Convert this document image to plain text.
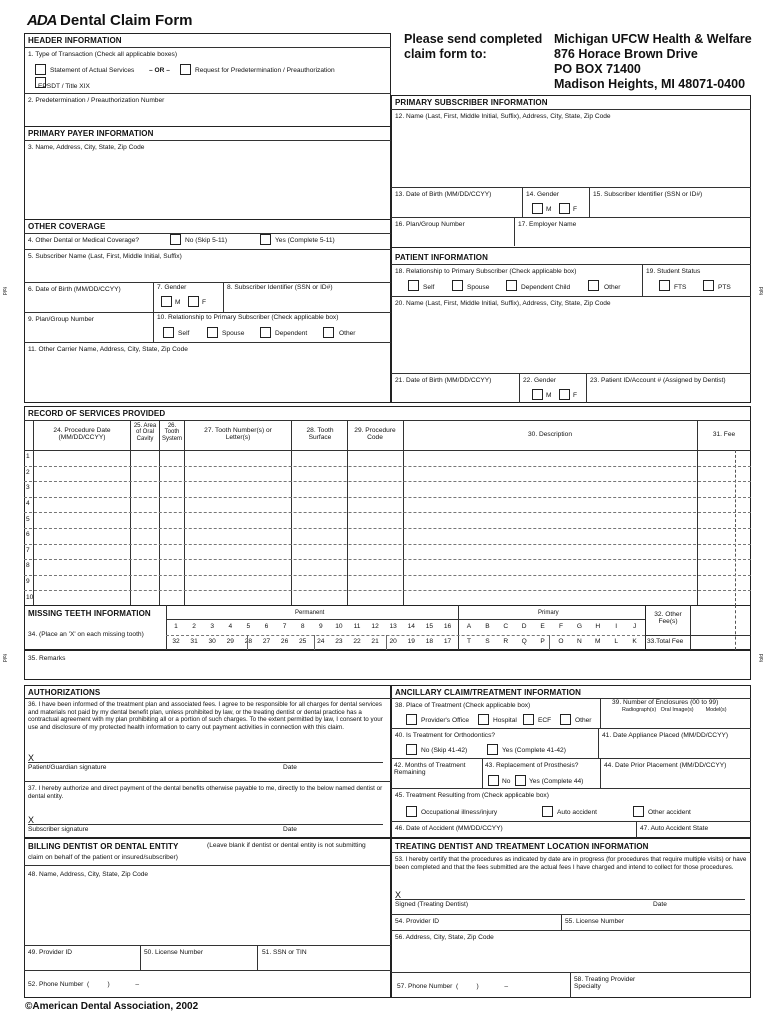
ADA Dental Claim Form
Please send completed claim form to:
Michigan UFCW Health & Welfare
876 Horace Brown Drive
PO BOX 71400
Madison Heights, MI 48071-0400
fold	fold
fold	fold
HEADER INFORMATION
1. Type of Transaction (Check all applicable boxes)
Statement of Actual Services – OR –	Request for Predetermination / Preauthorization
EPSDT / Title XIX
2. Predetermination / Preauthorization Number
PRIMARY PAYER INFORMATION
3. Name, Address, City, State, Zip Code
OTHER COVERAGE
4. Other Dental or Medical Coverage?	No (Skip 5-11)	Yes (Complete 5-11)
5. Subscriber Name (Last, First, Middle Initial, Suffix)
6. Date of Birth (MM/DD/CCYY)	7. Gender
M	F
8. Subscriber Identifier (SSN or ID#)
9. Plan/Group Number	10. Relationship to Primary Subscriber (Check applicable box)
Self	Spouse	Dependent	Other
11. Other Carrier Name, Address, City, State, Zip Code
PRIMARY SUBSCRIBER INFORMATION
12. Name (Last, First, Middle Initial, Suffix), Address, City, State, Zip Code
13. Date of Birth (MM/DD/CCYY)	14. Gender
M	F
15. Subscriber Identifier (SSN or ID#)
16. Plan/Group Number	17. Employer Name
PATIENT INFORMATION
18. Relationship to Primary Subscriber (Check applicable box)	19. Student Status
Self	Spouse	Dependent Child	Other	FTS	PTS
20. Name (Last, First, Middle Initial, Suffix), Address, City, State, Zip Code
21. Date of Birth (MM/DD/CCYY)	22. Gender
M	F
23. Patient ID/Account # (Assigned by Dentist)
RECORD OF SERVICES PROVIDED
24. Procedure Date (MM/DD/CCYY)
25. Area of Oral Cavity
26. Tooth System
27. Tooth Number(s) or Letter(s)
28. Tooth Surface
29. Procedure Code	30. Description	31. Fee
1
2
3
4
5
6
7
8
9
10
MISSING TEETH INFORMATION	Permanent	Primary
34. (Place an 'X' on each missing tooth)
32. Other Fee(s)
33.Total Fee
1	2	3	4	5	6	7	8	9	10	11	12	13	14	15	16
32	31	30	29	28	27	26	25	24	23	22	21	20	19	18	17
A	B	C	D	E	F	G	H	I	J
T	S	R	Q	P	O	N	M	L	K
35. Remarks
AUTHORIZATIONS
36. I have been informed of the treatment plan and associated fees. I agree to be responsible for all charges for dental services and materials not paid by my dental benefit plan, unless prohibited by law, or the treating dentist or dental practice has a contractual agreement with my plan prohibiting all or a portion of such charges. To the extent permitted by law, I consent to your use and disclosure of my protected health information to carry out payment activities in connection with this claim.
X
Patient/Guardian signature	Date
37. I hereby authorize and direct payment of the dental benefits otherwise payable to me, directly to the below named dentist or dental entity.
X
Subscriber signature	Date
BILLING DENTIST OR DENTAL ENTITY	(Leave blank if dentist or dental entity is not submitting
claim on behalf of the patient or insured/subscriber)
48. Name, Address, City, State, Zip Code
49. Provider ID	50. License Number	51. SSN or TIN
52. Phone Number  (          )              –
ANCILLARY CLAIM/TREATMENT INFORMATION
38. Place of Treatment (Check applicable box)
Provider's Office	Hospital	ECF	Other
39. Number of Enclosures (00 to 99)
Radiograph(s)   Oral Image(s)        Model(s)
40. Is Treatment for Orthodontics?	41. Date Appliance Placed (MM/DD/CCYY)
No (Skip 41-42)	Yes (Complete 41-42)
42. Months of Treatment Remaining
43. Replacement of Prosthesis?
No	Yes (Complete 44)
44. Date Prior Placement (MM/DD/CCYY)
45. Treatment Resulting from (Check applicable box)
Occupational illness/injury	Auto accident	Other accident
46. Date of Accident (MM/DD/CCYY)	47. Auto Accident State
TREATING DENTIST AND TREATMENT LOCATION INFORMATION
53. I hereby certify that the procedures as indicated by date are in progress (for procedures that require multiple visits) or have been completed and that the fees submitted are the actual fees I have charged and intend to collect for those procedures.
X
Signed (Treating Dentist)	Date
54. Provider ID	55. License Number
56. Address, City, State, Zip Code
57. Phone Number  (          )              –
58. Treating Provider Specialty
©American Dental Association, 2002
